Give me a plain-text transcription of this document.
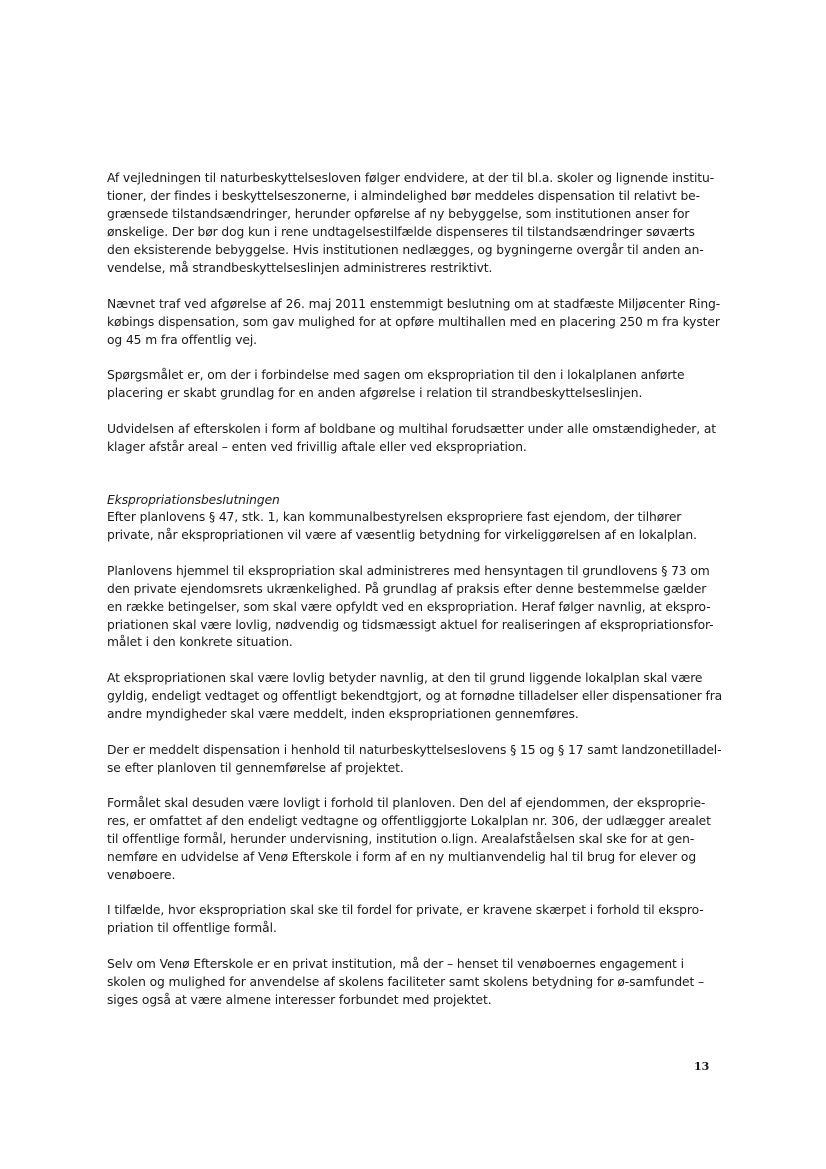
Af vejledningen til naturbeskyttelsesloven følger endvidere, at der til bl.a. skoler og lignende institu-
tioner, der findes i beskyttelseszonerne, i almindelighed bør meddeles dispensation til relativt be-
grænsede tilstandsændringer, herunder opførelse af ny bebyggelse, som institutionen anser for
ønskelige. Der bør dog kun i rene undtagelsestilfælde dispenseres til tilstandsændringer søværts
den eksisterende bebyggelse. Hvis institutionen nedlægges, og bygningerne overgår til anden an-
vendelse, må strandbeskyttelseslinjen administreres restriktivt.
Nævnet traf ved afgørelse af 26. maj 2011 enstemmigt beslutning om at stadfæste Miljøcenter Ring-
købings dispensation, som gav mulighed for at opføre multihallen med en placering 250 m fra kyster
og 45 m fra offentlig vej.
Spørgsmålet er, om der i forbindelse med sagen om ekspropriation til den i lokalplanen anførte
placering er skabt grundlag for en anden afgørelse i relation til strandbeskyttelseslinjen.
Udvidelsen af efterskolen i form af boldbane og multihal forudsætter under alle omstændigheder, at
klager afstår areal – enten ved frivillig aftale eller ved ekspropriation.
Ekspropriationsbeslutningen
Efter planlovens § 47, stk. 1, kan kommunalbestyrelsen ekspropriere fast ejendom, der tilhører
private, når ekspropriationen vil være af væsentlig betydning for virkeliggørelsen af en lokalplan.
Planlovens hjemmel til ekspropriation skal administreres med hensyntagen til grundlovens § 73 om
den private ejendomsrets ukrænkelighed. På grundlag af praksis efter denne bestemmelse gælder
en række betingelser, som skal være opfyldt ved en ekspropriation. Heraf følger navnlig, at ekspro-
priationen skal være lovlig, nødvendig og tidsmæssigt aktuel for realiseringen af ekspropriationsfor-
målet i den konkrete situation.
At ekspropriationen skal være lovlig betyder navnlig, at den til grund liggende lokalplan skal være
gyldig, endeligt vedtaget og offentligt bekendtgjort, og at fornødne tilladelser eller dispensationer fra
andre myndigheder skal være meddelt, inden ekspropriationen gennemføres.
Der er meddelt dispensation i henhold til naturbeskyttelseslovens § 15 og § 17 samt landzonetilladel-
se efter planloven til gennemførelse af projektet.
Formålet skal desuden være lovligt i forhold til planloven. Den del af ejendommen, der eksproprie-
res, er omfattet af den endeligt vedtagne og offentliggjorte Lokalplan nr. 306, der udlægger arealet
til offentlige formål, herunder undervisning, institution o.lign. Arealafståelsen skal ske for at gen-
nemføre en udvidelse af Venø Efterskole i form af en ny multianvendelig hal til brug for elever og
venøboere.
I tilfælde, hvor ekspropriation skal ske til fordel for private, er kravene skærpet i forhold til ekspro-
priation til offentlige formål.
Selv om Venø Efterskole er en privat institution, må der – henset til venøboernes engagement i
skolen og mulighed for anvendelse af skolens faciliteter samt skolens betydning for ø-samfundet –
siges også at være almene interesser forbundet med projektet.
13
